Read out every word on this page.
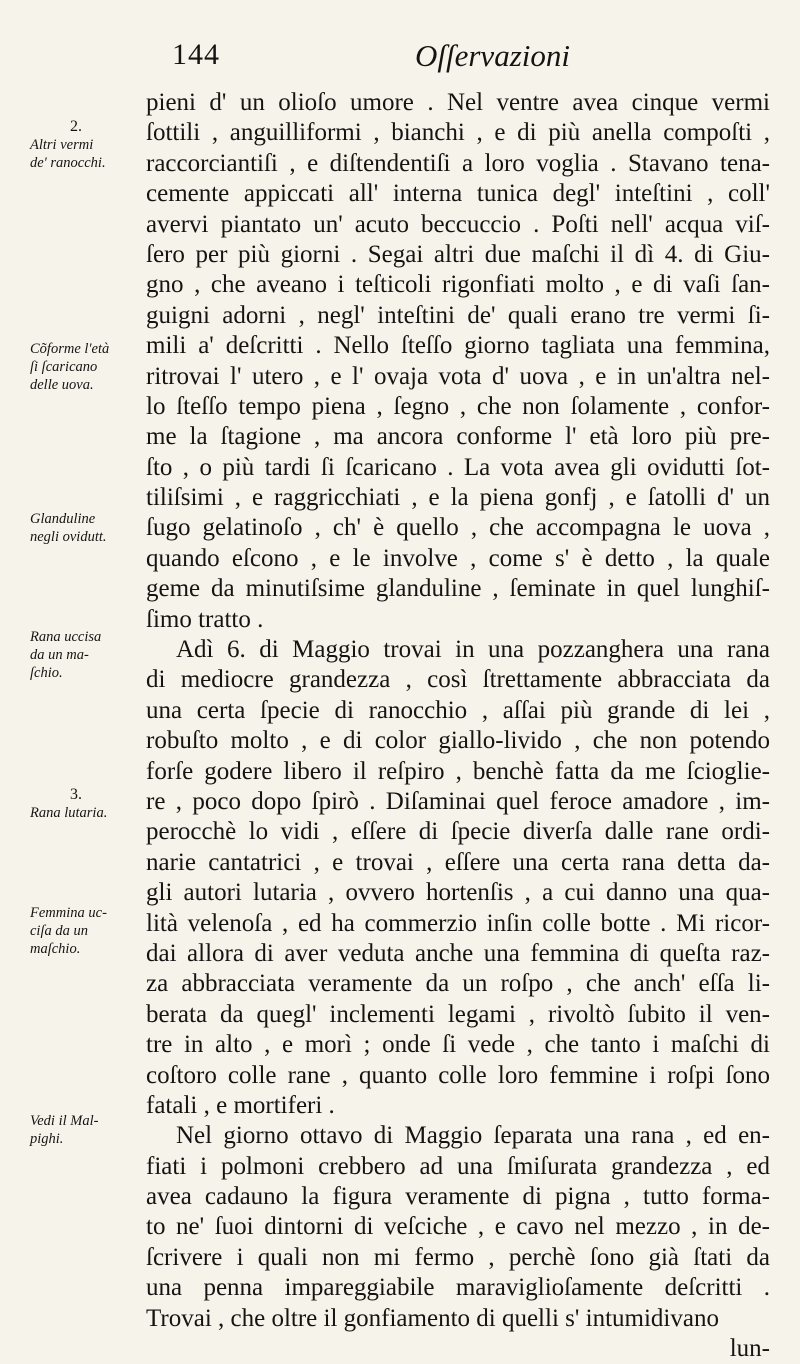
144	Oſſervazioni
2.
Altri vermi
de' ranocchi.
Cõforme l'età
ſi ſcaricano
delle uova.
Glanduline
negli ovidutt.
Rana uccisa
da un ma-
ſchio.
3.
Rana lutaria.
Femmina uc-
ciſa da un
maſchio.
Vedi il Mal-
pighi.
pieni d' un olioſo umore . Nel ventre avea cinque vermi
ſottili , anguilliformi , bianchi , e di più anella compoſti ,
raccorciantiſi , e diſtendentiſi a loro voglia . Stavano tena-
cemente appiccati all' interna tunica degl' inteſtini , coll'
avervi piantato un' acuto beccuccio . Poſti nell' acqua viſ-
ſero per più giorni . Segai altri due maſchi il dì 4. di Giu-
gno , che aveano i teſticoli rigonfiati molto , e di vaſi ſan-
guigni adorni , negl' inteſtini de' quali erano tre vermi ſi-
mili a' deſcritti . Nello ſteſſo giorno tagliata una femmina,
ritrovai l' utero , e l' ovaja vota d' uova , e in un'altra nel-
lo ſteſſo tempo piena , ſegno , che non ſolamente , confor-
me la ſtagione , ma ancora conforme l' età loro più pre-
ſto , o più tardi ſi ſcaricano . La vota avea gli ovidutti ſot-
tiliſsimi , e raggricchiati , e la piena gonfj , e ſatolli d' un
ſugo gelatinoſo , ch' è quello , che accompagna le uova ,
quando eſcono , e le involve , come s' è detto , la quale
geme da minutiſsime glanduline , ſeminate in quel lunghiſ-
ſimo tratto .
Adì 6. di Maggio trovai in una pozzanghera una rana
di mediocre grandezza , così ſtrettamente abbracciata da
una certa ſpecie di ranocchio , aſſai più grande di lei ,
robuſto molto , e di color giallo-livido , che non potendo
forſe godere libero il reſpiro , benchè fatta da me ſcioglie-
re , poco dopo ſpirò . Diſaminai quel feroce amadore , im-
perocchè lo vidi , eſſere di ſpecie diverſa dalle rane ordi-
narie cantatrici , e trovai , eſſere una certa rana detta da-
gli autori lutaria , ovvero hortenſis , a cui danno una qua-
lità velenoſa , ed ha commerzio inſin colle botte . Mi ricor-
dai allora di aver veduta anche una femmina di queſta raz-
za abbracciata veramente da un roſpo , che anch' eſſa li-
berata da quegl' inclementi legami , rivoltò ſubito il ven-
tre in alto , e morì ; onde ſi vede , che tanto i maſchi di
coſtoro colle rane , quanto colle loro femmine i roſpi ſono
fatali , e mortiferi .
Nel giorno ottavo di Maggio ſeparata una rana , ed en-
fiati i polmoni crebbero ad una ſmiſurata grandezza , ed
avea cadauno la figura veramente di pigna , tutto forma-
to ne' ſuoi dintorni di veſciche , e cavo nel mezzo , in de-
ſcrivere i quali non mi fermo , perchè ſono già ſtati da
una penna impareggiabile maraviglioſamente deſcritti .
Trovai , che oltre il gonfiamento di quelli s' intumidivano
lun-
